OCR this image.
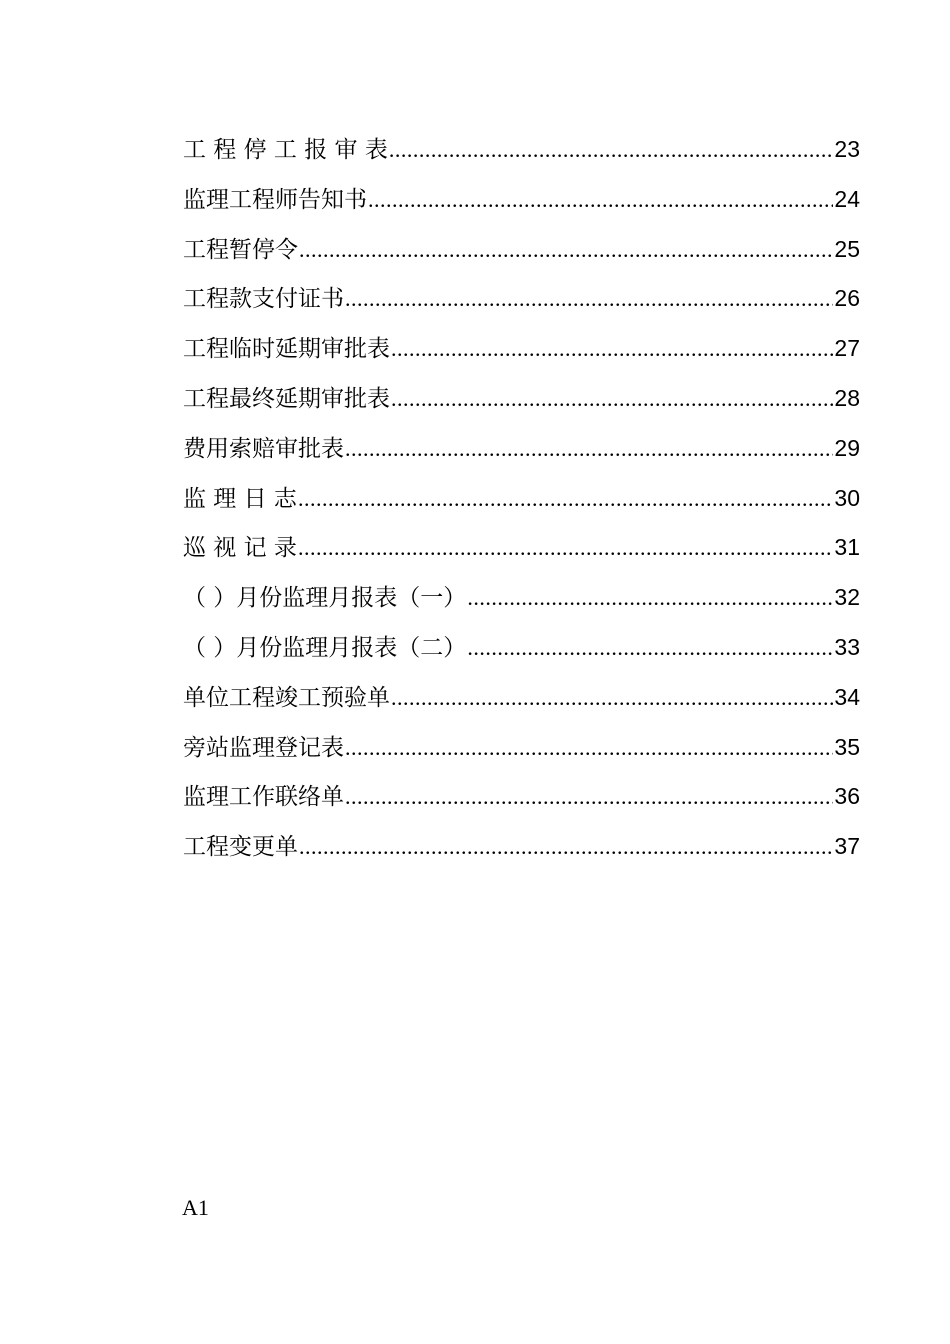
工 程 停 工 报 审 表 .....	23
监理工程师告知书 .....	24
工程暂停令 .....	25
工程款支付证书 .....	26
工程临时延期审批表 .....	27
工程最终延期审批表 .....	28
费用索赔审批表 .....	29
监 理 日 志 .....	30
巡 视 记 录 .....	31
（ ）月份监理月报表（一） .....	32
（ ）月份监理月报表（二） .....	33
单位工程竣工预验单 .....	34
旁站监理登记表 .....	35
监理工作联络单 .....	36
工程变更单 .....	37
A1
